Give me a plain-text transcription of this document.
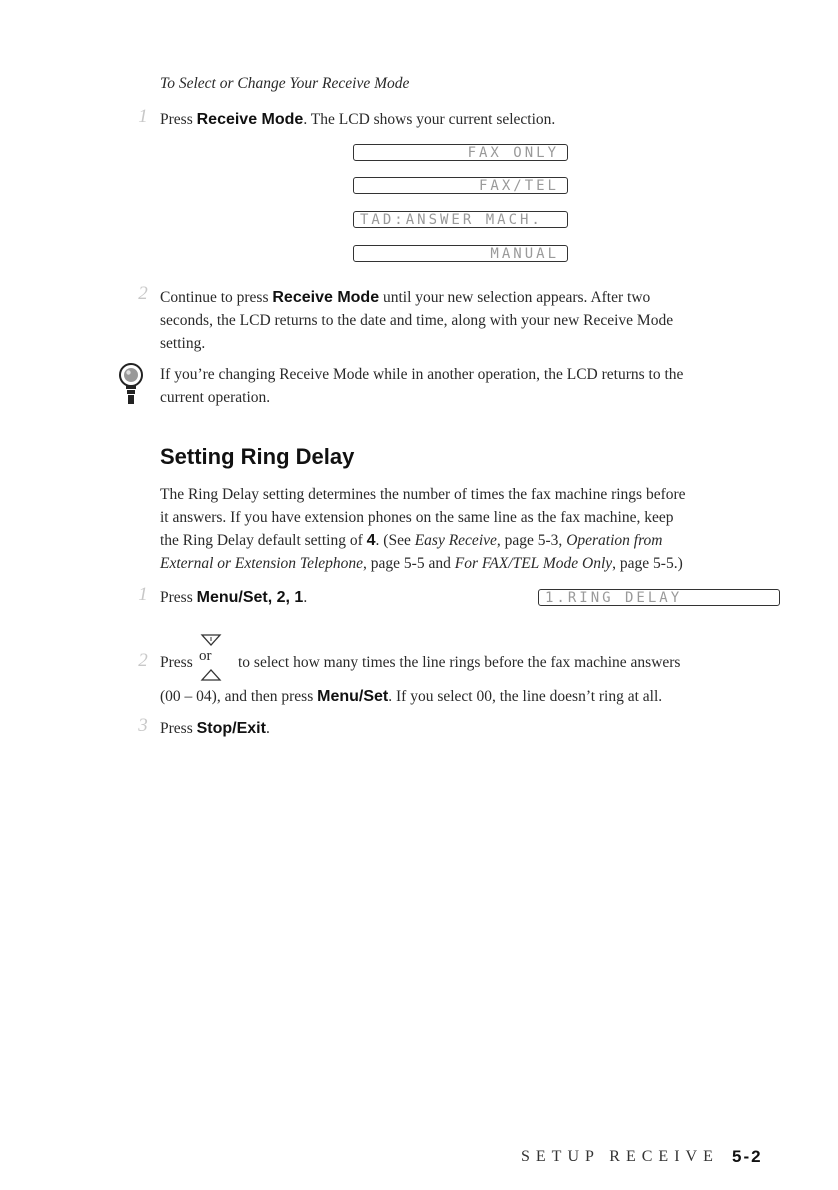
To Select or Change Your Receive Mode
1 Press Receive Mode. The LCD shows your current selection.
FAX ONLY
FAX/TEL
TAD:ANSWER MACH.
MANUAL
2 Continue to press Receive Mode until your new selection appears. After two
seconds, the LCD returns to the date and time, along with your new Receive Mode
setting.
If you’re changing Receive Mode while in another operation, the LCD returns to the
current operation.
Setting Ring Delay
The Ring Delay setting determines the number of times the fax machine rings before
it answers. If you have extension phones on the same line as the fax machine, keep
the Ring Delay default setting of 4. (See Easy Receive, page 5-3, Operation from
External or Extension Telephone, page 5-5 and For FAX/TEL Mode Only, page 5-5.)
1 Press Menu/Set, 2, 1.	1.RING DELAY
2 Press or to select how many times the line rings before the fax machine answers
(00 – 04), and then press Menu/Set. If you select 00, the line doesn’t ring at all.
3 Press Stop/Exit.
SETUP RECEIVE 5-2
